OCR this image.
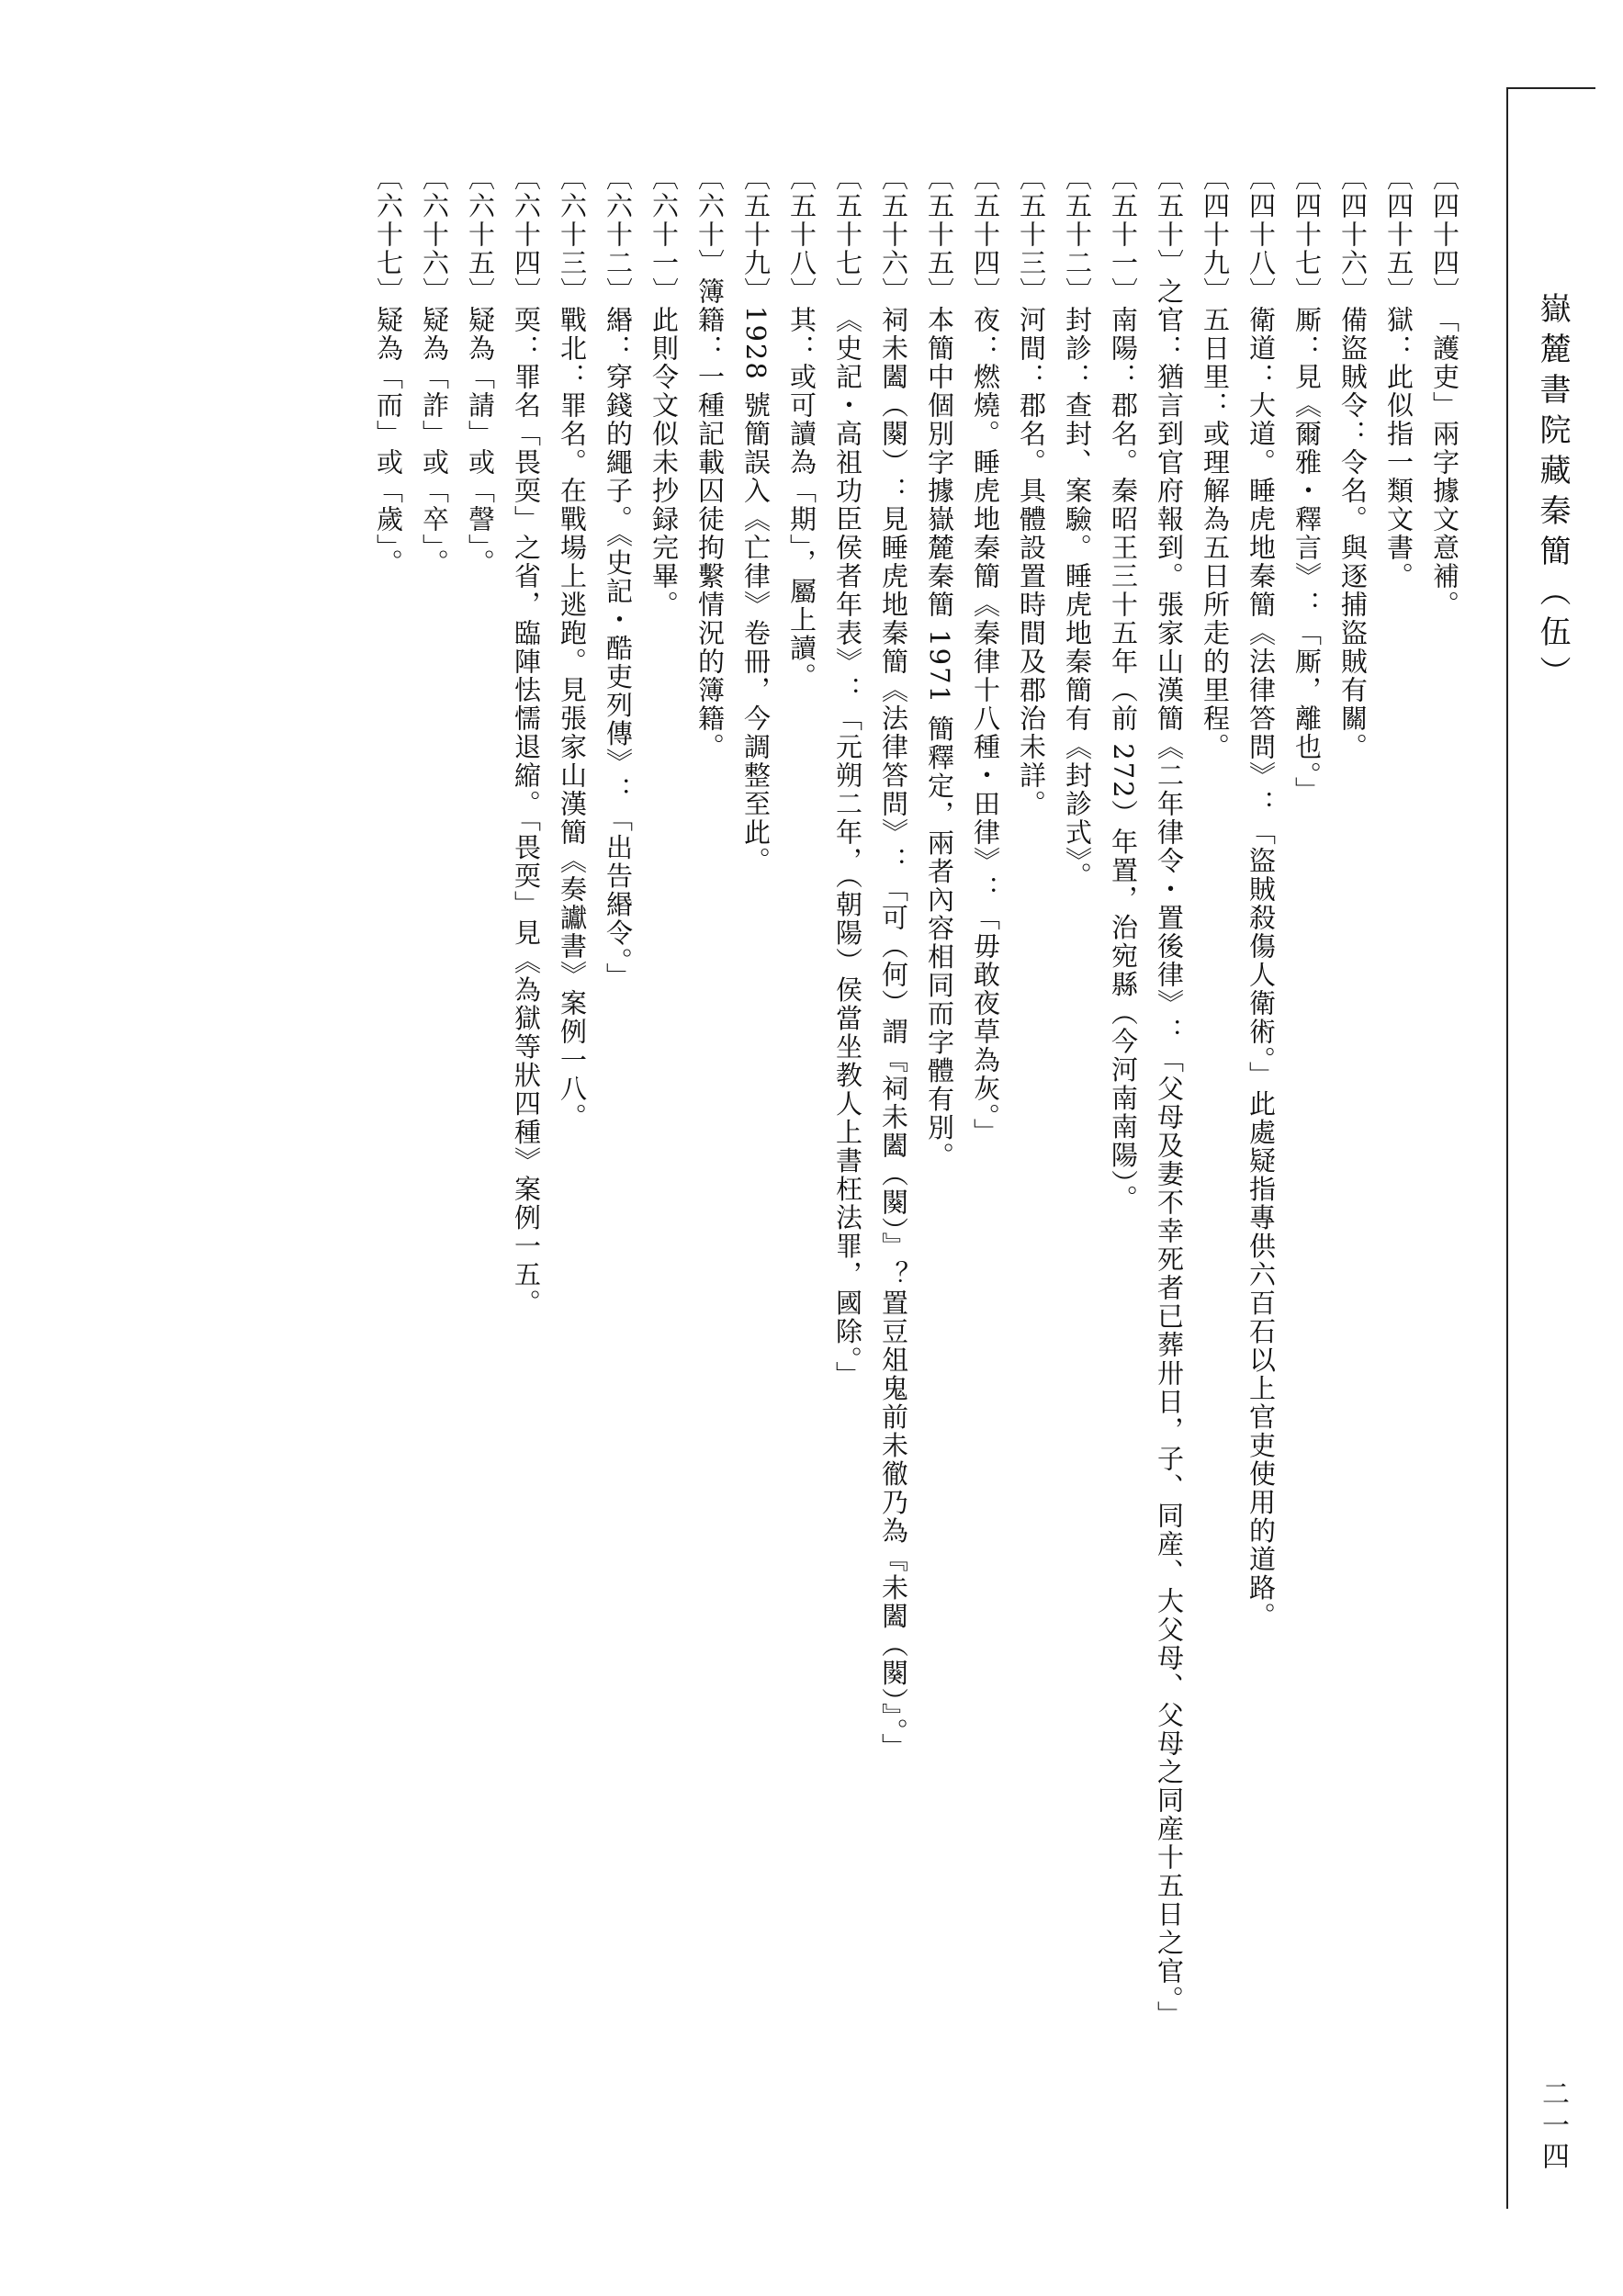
嶽麓書院藏秦簡（伍）
二一四
〔四十四〕「護吏」兩字據文意補。
〔四十五〕獄：此似指一類文書。
〔四十六〕備盜賊令：令名。與逐捕盜賊有關。
〔四十七〕厮：見《爾雅・釋言》：「厮，離也。」
〔四十八〕衛道：大道。睡虎地秦簡《法律答問》：「盜賊殺傷人衛術。」此處疑指專供六百石以上官吏使用的道路。
〔四十九〕五日里：或理解為五日所走的里程。
〔五十〕之官：猶言到官府報到。張家山漢簡《二年律令・置後律》：「父母及妻不幸死者已葬卅日，子、同産、大父母、父母之同産十五日之官。」
〔五十一〕南陽：郡名。秦昭王三十五年（前 272）年置，治宛縣（今河南南陽）。
〔五十二〕封診：查封、案驗。睡虎地秦簡有《封診式》。
〔五十三〕河間：郡名。具體設置時間及郡治未詳。
〔五十四〕夜：燃燒。睡虎地秦簡《秦律十八種・田律》：「毋敢夜草為灰。」
〔五十五〕本簡中個別字據嶽麓秦簡 1971 簡釋定，兩者內容相同而字體有別。
〔五十六〕祠未闔（闋）：見睡虎地秦簡《法律答問》：「可（何）謂『祠未闔（闋）』？置豆俎鬼前未徹乃為『未闔（闋）』。」
〔五十七〕《史記・高祖功臣侯者年表》：「元朔二年，（朝陽）侯當坐教人上書枉法罪，國除。」
〔五十八〕其：或可讀為「期」，屬上讀。
〔五十九〕1928 號簡誤入《亡律》卷冊，今調整至此。
〔六十〕簿籍：一種記載囚徒拘繫情況的簿籍。
〔六十一〕此則令文似未抄録完畢。
〔六十二〕緡：穿錢的繩子。《史記・酷吏列傳》：「出告緡令。」
〔六十三〕戰北：罪名。在戰場上逃跑。見張家山漢簡《奏讞書》案例一八。
〔六十四〕耎：罪名「畏耎」之省，臨陣怯懦退縮。「畏耎」見《為獄等狀四種》案例一五。
〔六十五〕疑為「請」或「謦」。
〔六十六〕疑為「詐」或「卒」。
〔六十七〕疑為「而」或「歲」。
